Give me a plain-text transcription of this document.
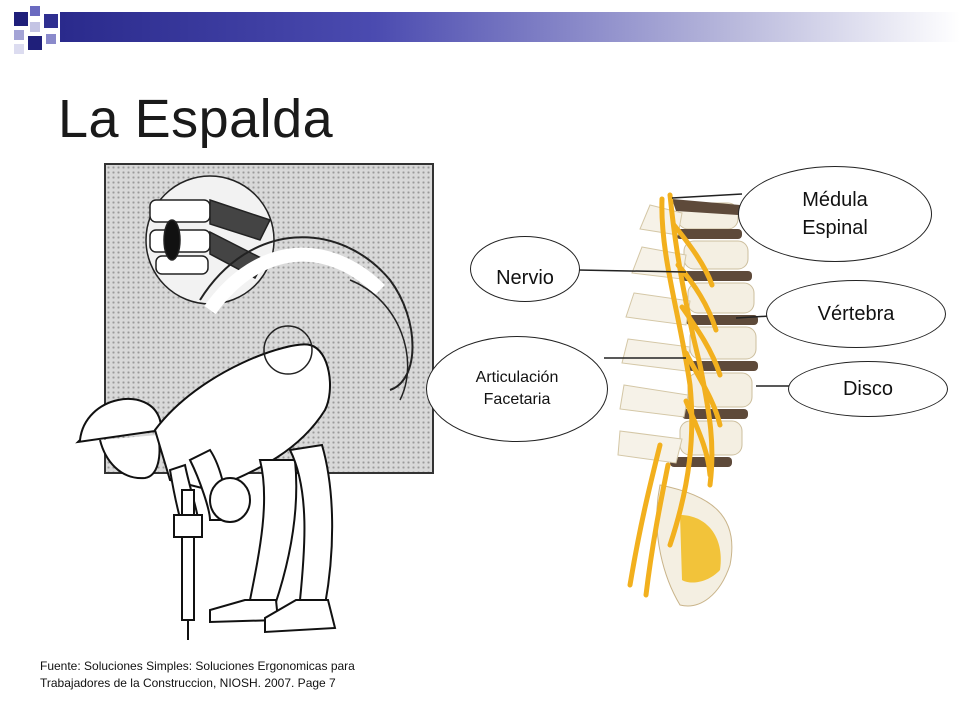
La Espalda
Médula
Espinal
Nervio
Vértebra
Articulación
Facetaria	Disco
Fuente: Soluciones Simples: Soluciones Ergonomicas para
Trabajadores de la Construccion, NIOSH. 2007. Page 7
